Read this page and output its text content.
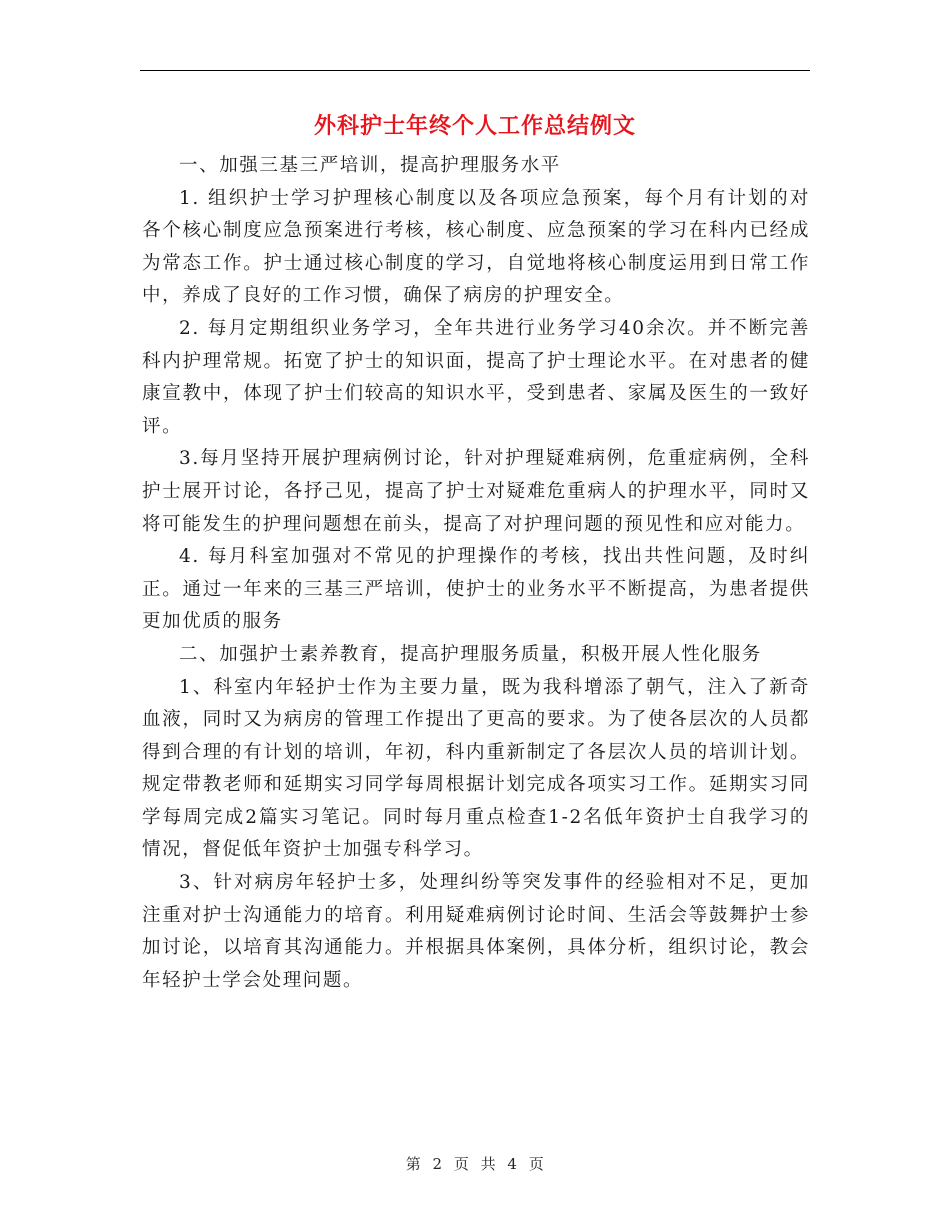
外科护士年终个人工作总结例文

一、加强三基三严培训，提高护理服务水平

1. 组织护士学习护理核心制度以及各项应急预案，每个月有计划的对各个核心制度应急预案进行考核，核心制度、应急预案的学习在科内已经成为常态工作。护士通过核心制度的学习，自觉地将核心制度运用到日常工作中，养成了良好的工作习惯，确保了病房的护理安全。

2. 每月定期组织业务学习，全年共进行业务学习40余次。并不断完善科内护理常规。拓宽了护士的知识面，提高了护士理论水平。在对患者的健康宣教中，体现了护士们较高的知识水平，受到患者、家属及医生的一致好评。

3.每月坚持开展护理病例讨论，针对护理疑难病例，危重症病例，全科护士展开讨论，各抒己见，提高了护士对疑难危重病人的护理水平，同时又将可能发生的护理问题想在前头，提高了对护理问题的预见性和应对能力。

4. 每月科室加强对不常见的护理操作的考核，找出共性问题，及时纠正。通过一年来的三基三严培训，使护士的业务水平不断提高，为患者提供更加优质的服务

二、加强护士素养教育，提高护理服务质量，积极开展人性化服务

1、科室内年轻护士作为主要力量，既为我科增添了朝气，注入了新奇血液，同时又为病房的管理工作提出了更高的要求。为了使各层次的人员都得到合理的有计划的培训，年初，科内重新制定了各层次人员的培训计划。规定带教老师和延期实习同学每周根据计划完成各项实习工作。延期实习同学每周完成2篇实习笔记。同时每月重点检查1-2名低年资护士自我学习的情况，督促低年资护士加强专科学习。

3、针对病房年轻护士多，处理纠纷等突发事件的经验相对不足，更加注重对护士沟通能力的培育。利用疑难病例讨论时间、生活会等鼓舞护士参加讨论，以培育其沟通能力。并根据具体案例，具体分析，组织讨论，教会年轻护士学会处理问题。

第 2 页 共 4 页
